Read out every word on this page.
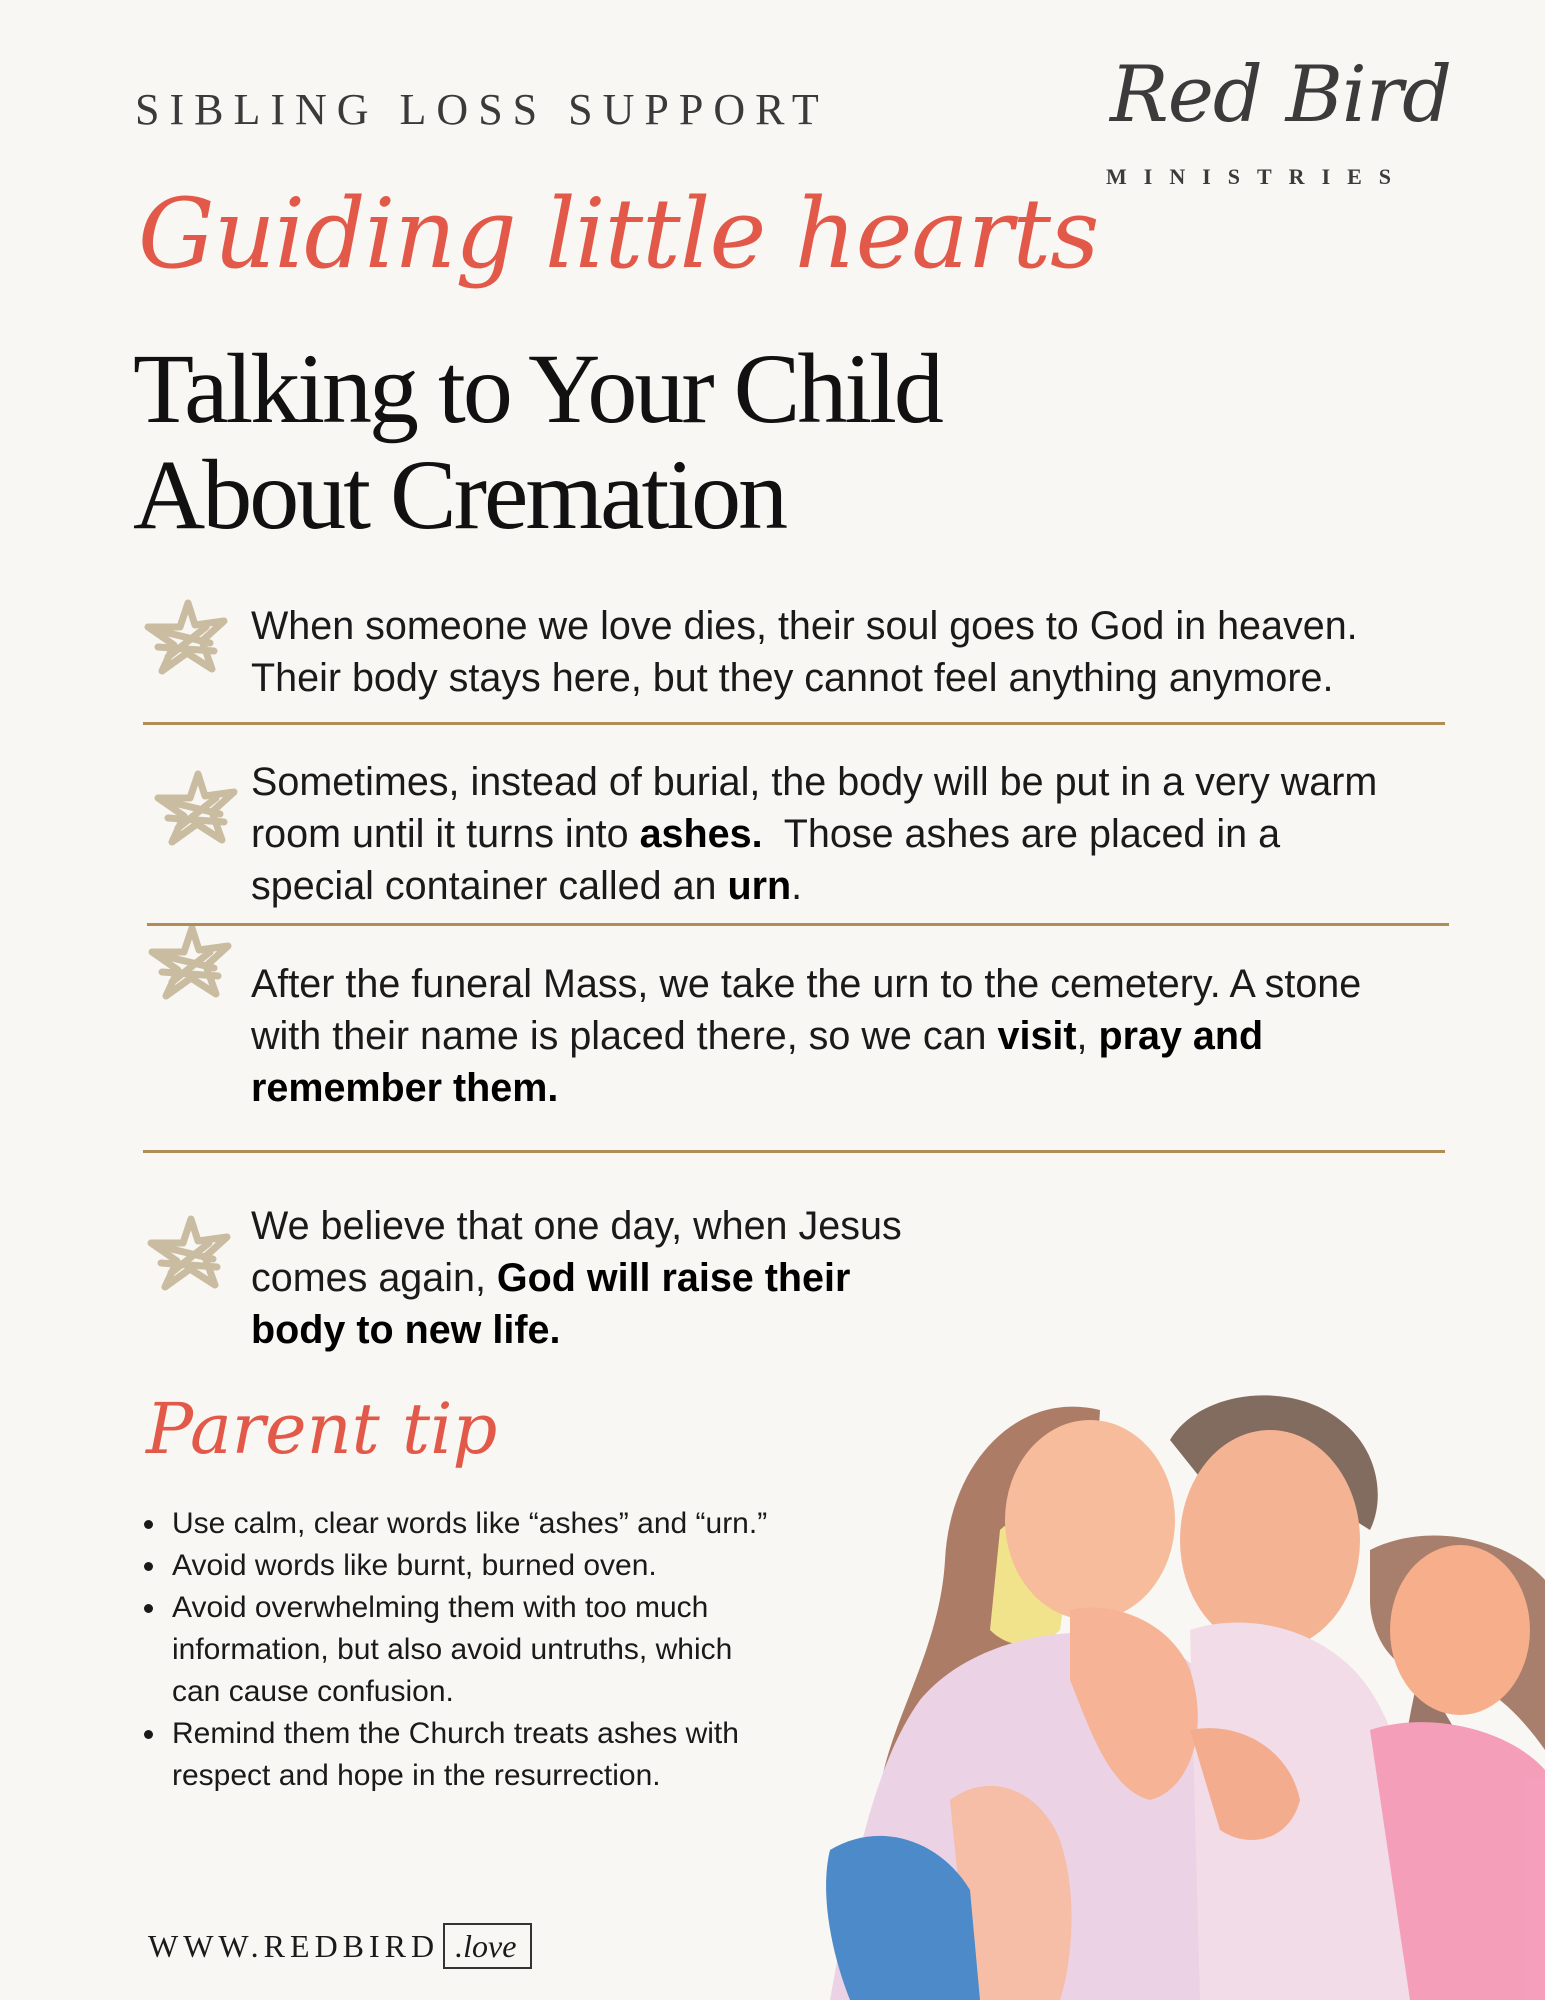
SIBLING LOSS SUPPORT	Red Bird
MINISTRIES
Guiding little hearts
Talking to Your Child
About Cremation

When someone we love dies, their soul goes to God in heaven.
Their body stays here, but they cannot feel anything anymore.

Sometimes, instead of burial, the body will be put in a very warm
room until it turns into ashes.  Those ashes are placed in a
special container called an urn.

After the funeral Mass, we take the urn to the cemetery. A stone
with their name is placed there, so we can visit, pray and
remember them.

We believe that one day, when Jesus
comes again, God will raise their
body to new life.

Parent tip
• Use calm, clear words like “ashes” and “urn.”
• Avoid words like burnt, burned oven.
• Avoid overwhelming them with too much information, but also avoid untruths, which can cause confusion.
• Remind them the Church treats ashes with respect and hope in the resurrection.
WWW.REDBIRD .love
